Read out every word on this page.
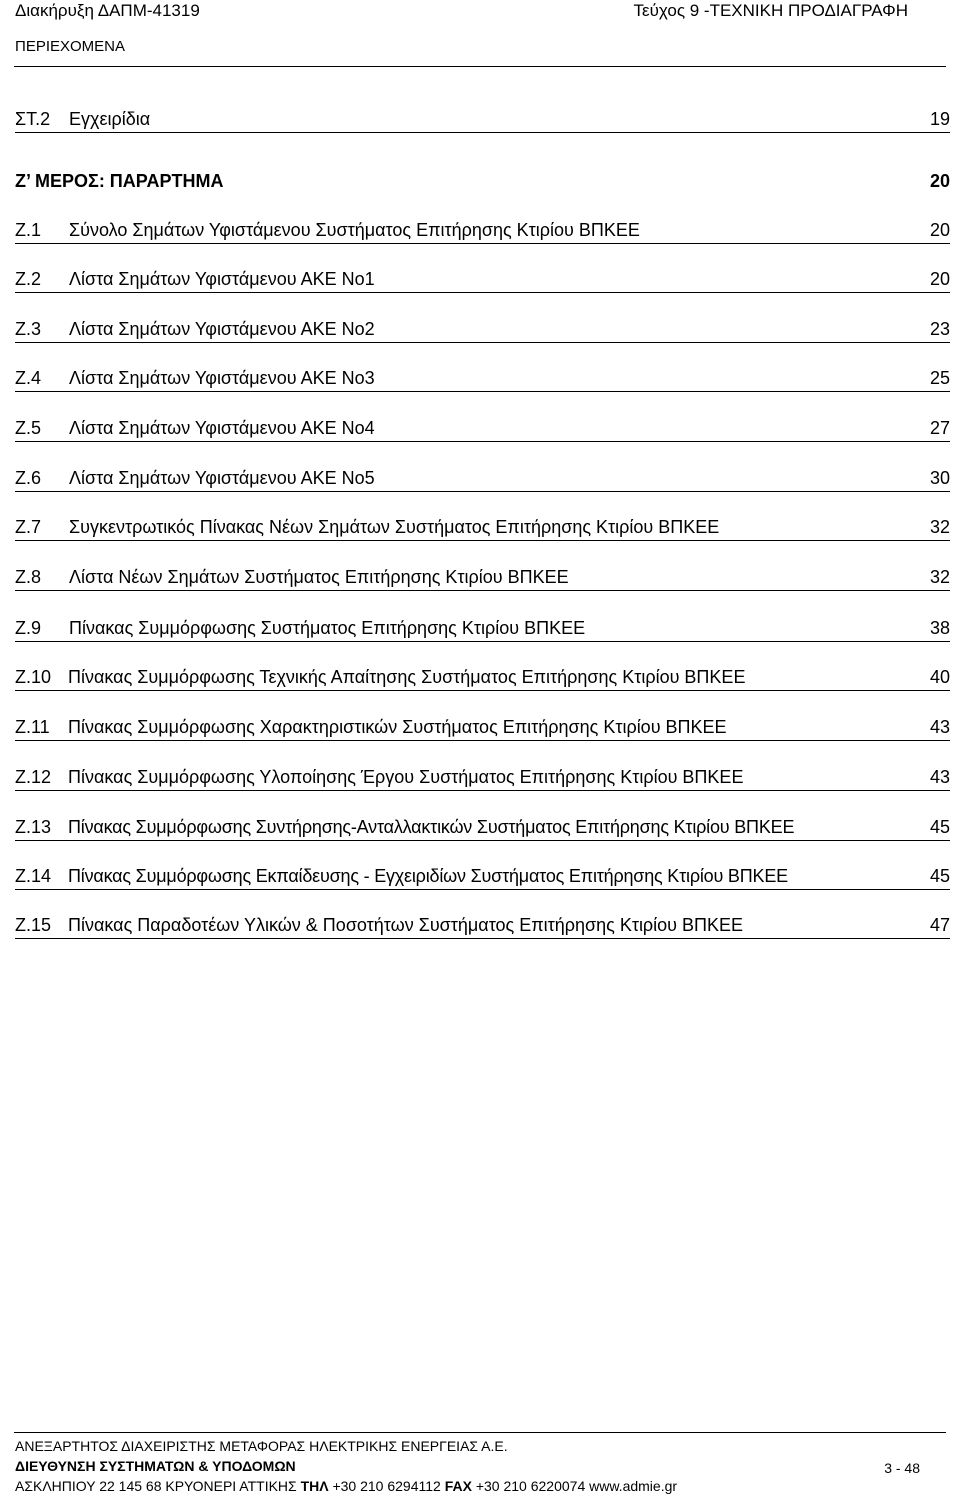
Διακήρυξη ΔΑΠΜ-41319	Τεύχος 9 -ΤΕΧΝΙΚΗ ΠΡΟΔΙΑΓΡΑΦΗ
ΠΕΡΙΕΧΟΜΕΝΑ
ΣΤ.2 Εγχειρίδια	19
Ζ’ ΜΕΡΟΣ: ΠΑΡΑΡΤΗΜΑ	20
Ζ.1 Σύνολο Σημάτων Υφιστάμενου Συστήματος Επιτήρησης Κτιρίου ΒΠΚΕΕ	20
Ζ.2 Λίστα Σημάτων Υφιστάμενου ΑΚΕ Νο1	20
Ζ.3 Λίστα Σημάτων Υφιστάμενου ΑΚΕ Νο2	23
Ζ.4 Λίστα Σημάτων Υφιστάμενου ΑΚΕ Νο3	25
Ζ.5 Λίστα Σημάτων Υφιστάμενου ΑΚΕ Νο4	27
Ζ.6 Λίστα Σημάτων Υφιστάμενου ΑΚΕ Νο5	30
Ζ.7 Συγκεντρωτικός Πίνακας Νέων Σημάτων Συστήματος Επιτήρησης Κτιρίου ΒΠΚΕΕ	32
Ζ.8 Λίστα Νέων Σημάτων Συστήματος Επιτήρησης Κτιρίου ΒΠΚΕΕ	32
Ζ.9 Πίνακας Συμμόρφωσης Συστήματος Επιτήρησης Κτιρίου ΒΠΚΕΕ	38
Ζ.10 Πίνακας Συμμόρφωσης Τεχνικής Απαίτησης Συστήματος Επιτήρησης Κτιρίου ΒΠΚΕΕ	40
Ζ.11 Πίνακας Συμμόρφωσης Χαρακτηριστικών Συστήματος Επιτήρησης Κτιρίου ΒΠΚΕΕ	43
Ζ.12 Πίνακας Συμμόρφωσης Υλοποίησης Έργου Συστήματος Επιτήρησης Κτιρίου ΒΠΚΕΕ	43
Ζ.13 Πίνακας Συμμόρφωσης Συντήρησης-Ανταλλακτικών Συστήματος Επιτήρησης Κτιρίου ΒΠΚΕΕ	45
Ζ.14 Πίνακας Συμμόρφωσης Εκπαίδευσης - Εγχειριδίων Συστήματος Επιτήρησης Κτιρίου ΒΠΚΕΕ	45
Ζ.15 Πίνακας Παραδοτέων Υλικών & Ποσοτήτων Συστήματος Επιτήρησης Κτιρίου ΒΠΚΕΕ	47
ΑΝΕΞΑΡΤΗΤΟΣ ΔΙΑΧΕΙΡΙΣΤΗΣ ΜΕΤΑΦΟΡΑΣ ΗΛΕΚΤΡΙΚΗΣ ΕΝΕΡΓΕΙΑΣ Α.Ε.
ΔΙΕΥΘΥΝΣΗ ΣΥΣΤΗΜΑΤΩΝ & ΥΠΟΔΟΜΩΝ
ΑΣΚΛΗΠΙΟΥ 22 145 68 ΚΡΥΟΝΕΡΙ ΑΤΤΙΚΗΣ ΤΗΛ +30 210 6294112 FAX +30 210 6220074 www.admie.gr
3 - 48
